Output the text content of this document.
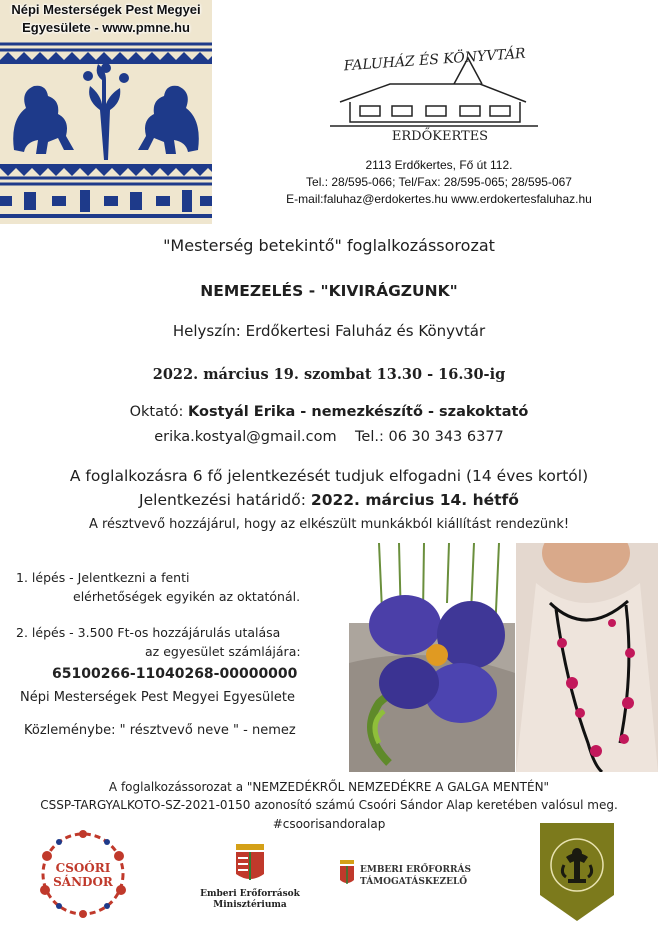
Népi Mesterségek Pest Megyei
Egyesülete - www.pmne.hu
FALUHÁZ ÉS KÖNYVTÁR
ERDŐKERTES
2113 Erdőkertes, Fő út 112.
Tel.: 28/595-066; Tel/Fax: 28/595-065; 28/595-067
E-mail:faluhaz@erdokertes.hu www.erdokertesfaluhaz.hu
"Mesterség betekintő" foglalkozássorozat
NEMEZELÉS - "KIVIRÁGZUNK"
Helyszín: Erdőkertesi Faluház és Könyvtár
2022. március 19. szombat 13.30 - 16.30-ig
Oktató: Kostyál Erika - nemezkészítő - szakoktató
erika.kostyal@gmail.com Tel.: 06 30 343 6377
A foglalkozásra 6 fő jelentkezését tudjuk elfogadni (14 éves kortól)
Jelentkezési határidő: 2022. március 14. hétfő
A résztvevő hozzájárul, hogy az elkészült munkákból kiállítást rendezünk!
1. lépés - Jelentkezni a fenti
elérhetőségek egyikén az oktatónál.
2. lépés - 3.500 Ft-os hozzájárulás utalása
az egyesület számlájára:
65100266-11040268-00000000
Népi Mesterségek Pest Megyei Egyesülete
Közleménybe: " résztvevő neve " - nemez
A foglalkozássorozat a "NEMZEDÉKRŐL NEMZEDÉKRE A GALGA MENTÉN"
CSSP-TARGYALKOTO-SZ-2021-0150 azonosító számú Csoóri Sándor Alap keretében valósul meg.
#csoorisandoralap
CSOÓRI
SÁNDOR
Emberi Erőforrások
Minisztériuma
EMBERI ERŐFORRÁS
TÁMOGATÁSKEZELŐ
